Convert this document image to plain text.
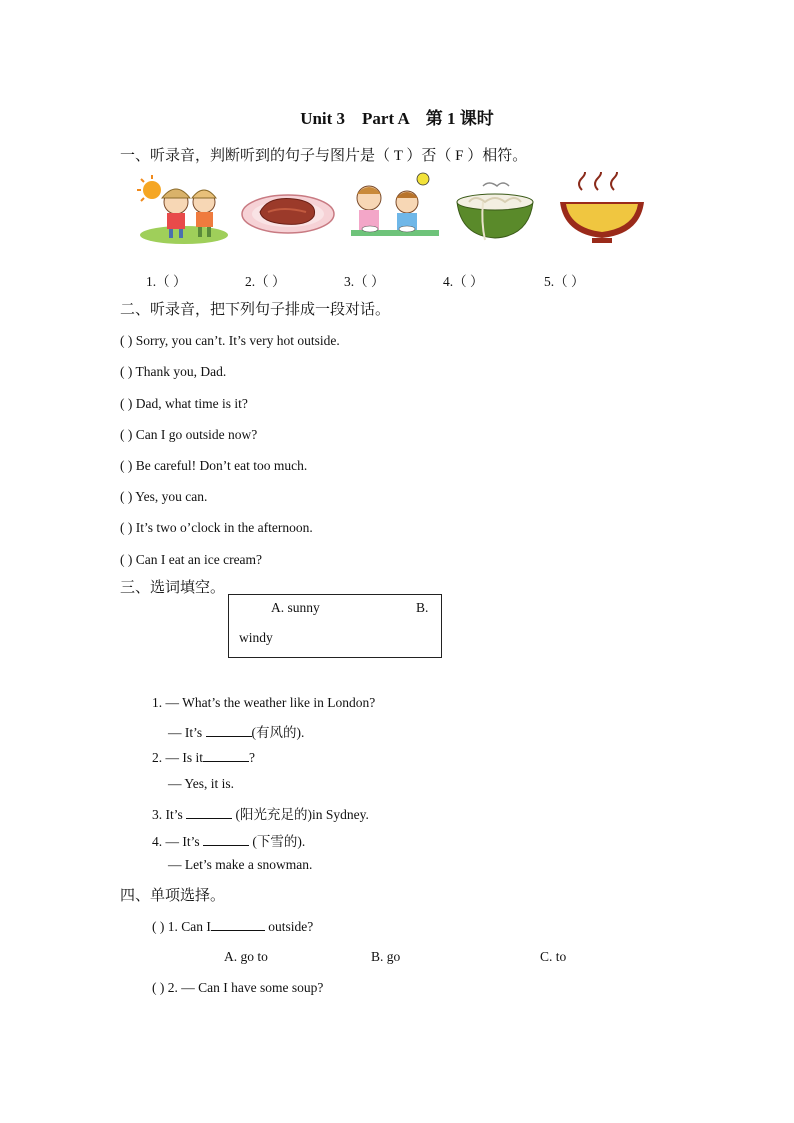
Unit 3　Part A　第 1 课时
一、听录音，判断听到的句子与图片是（ T ）否（ F ）相符。
1.（ ）	2.（ ）	3.（ ）	4.（ ）	5.（ ）
二、听录音，把下列句子排成一段对话。
( ) Sorry, you can’t. It’s very hot outside.
( ) Thank you, Dad.
( ) Dad, what time is it?
( ) Can I go outside now?
( ) Be careful! Don’t eat too much.
( ) Yes, you can.
( ) It’s two o’clock in the afternoon.
( ) Can I eat an ice cream?
三、选词填空。
A. sunny	B.
windy
1. — What’s the weather like in London?
— It’s	(有风的).
2. — Is it	?
— Yes, it is.
3. It’s	(阳光充足的)in Sydney.
4. — It’s	(下雪的).
— Let’s make a snowman.
四、单项选择。
( ) 1. Can I	outside?
A. go to	B. go	C. to
( ) 2. — Can I have some soup?
